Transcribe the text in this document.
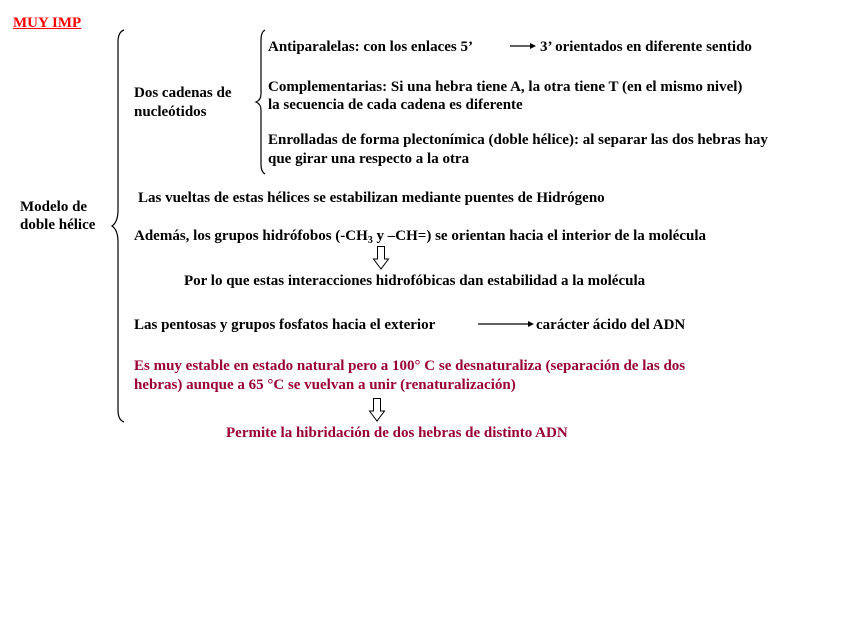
MUY IMP
Modelo de
doble hélice
Dos cadenas de
nucleótidos
Antiparalelas: con los enlaces 5’	3’ orientados en diferente sentido
Complementarias: Si una hebra tiene A, la otra tiene T (en el mismo nivel)
la secuencia de cada cadena es diferente
Enrolladas de forma plectonímica (doble hélice): al separar las dos hebras hay
que girar una respecto a la otra
Las vueltas de estas hélices se estabilizan mediante puentes de Hidrógeno
Además, los grupos hidrófobos ($-CH_3$ y –CH=) se orientan hacia el interior de la molécula
Por lo que estas interacciones hidrofóbicas dan estabilidad a la molécula
Las pentosas y grupos fosfatos hacia el exterior	carácter ácido del ADN
Es muy estable en estado natural pero a 100° C se desnaturaliza (separación de las dos
hebras) aunque a 65 °C se vuelvan a unir (renaturalización)
Permite la hibridación de dos hebras de distinto ADN
